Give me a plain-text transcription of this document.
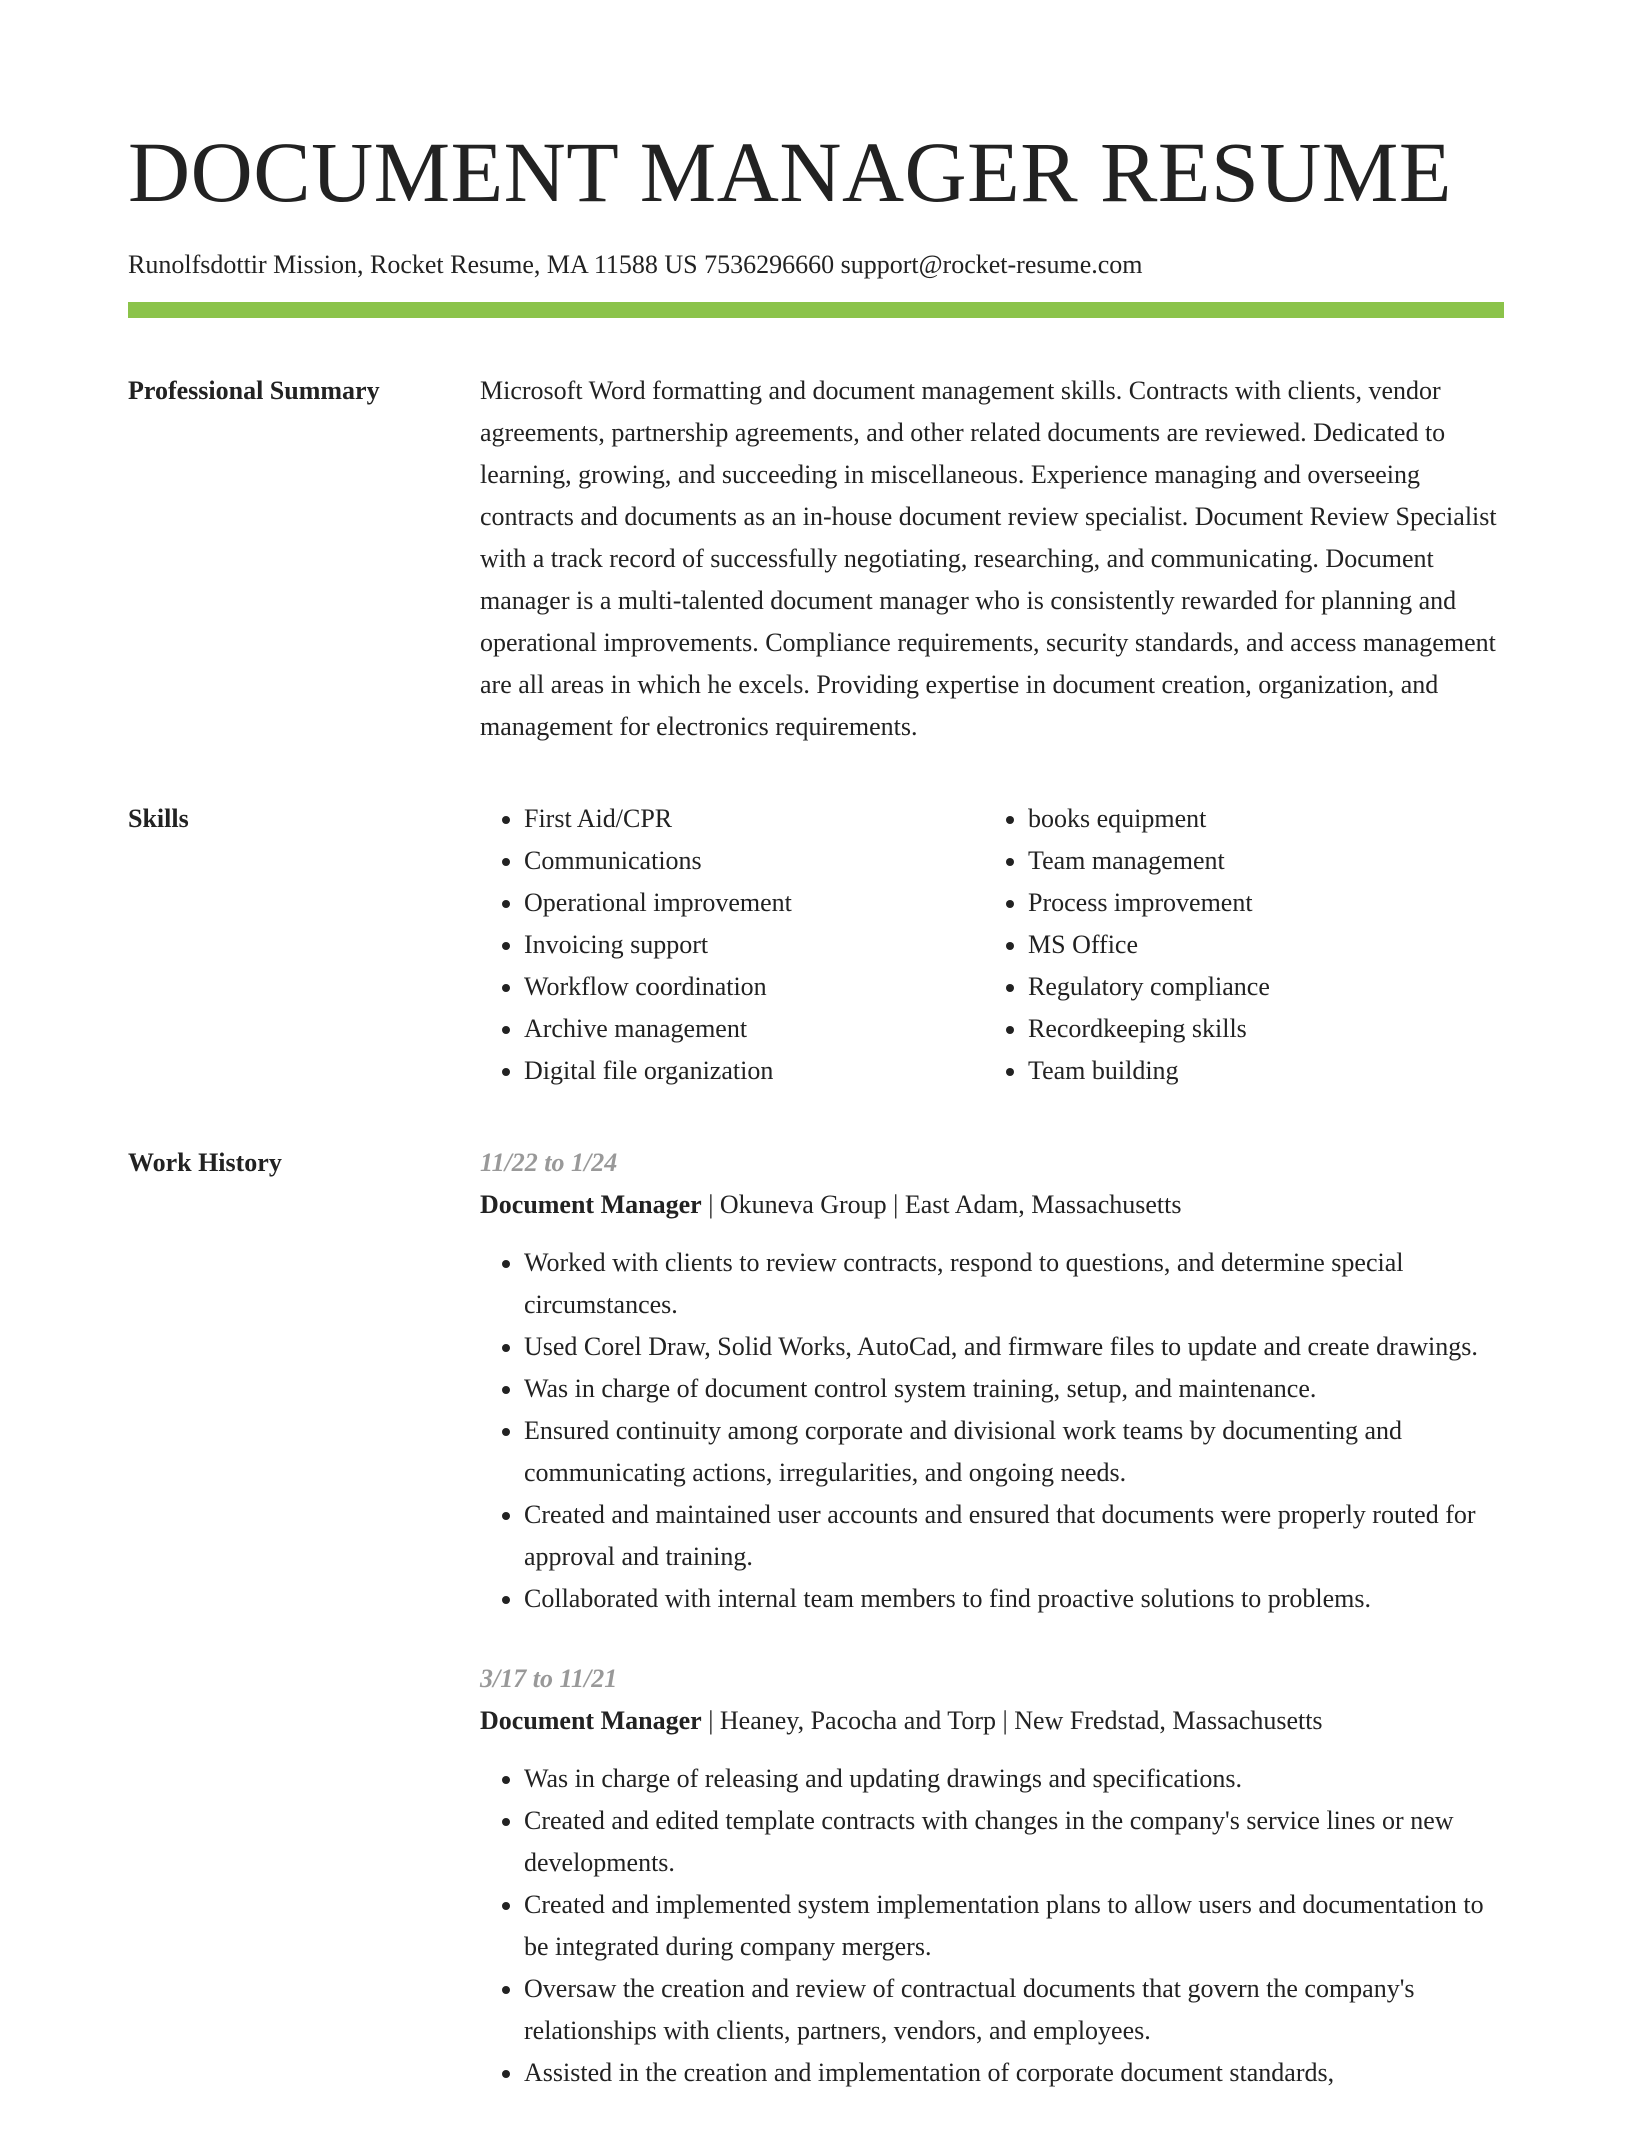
DOCUMENT MANAGER RESUME
Runolfsdottir Mission, Rocket Resume, MA 11588 US 7536296660 support@rocket-resume.com
Professional Summary	Microsoft Word formatting and document management skills. Contracts with clients, vendor agreements, partnership agreements, and other related documents are reviewed. Dedicated to learning, growing, and succeeding in miscellaneous. Experience managing and overseeing contracts and documents as an in-house document review specialist. Document Review Specialist with a track record of successfully negotiating, researching, and communicating. Document manager is a multi-talented document manager who is consistently rewarded for planning and operational improvements. Compliance requirements, security standards, and access management are all areas in which he excels. Providing expertise in document creation, organization, and management for electronics requirements.

Skills
•	First Aid/CPR
• Communications
• Operational improvement
• Invoicing support
• Workflow coordination
• Archive management
• Digital file organization
• books equipment
• Team management
• Process improvement
• MS Office
• Regulatory compliance
• Recordkeeping skills
• Team building
Work History	11/22 to 1/24
Document Manager | Okuneva Group | East Adam, Massachusetts
• Worked with clients to review contracts, respond to questions, and determine special circumstances.
• Used Corel Draw, Solid Works, AutoCad, and firmware files to update and create drawings.
• Was in charge of document control system training, setup, and maintenance.
• Ensured continuity among corporate and divisional work teams by documenting and communicating actions, irregularities, and ongoing needs.
• Created and maintained user accounts and ensured that documents were properly routed for approval and training.
• Collaborated with internal team members to find proactive solutions to problems.
3/17 to 11/21
Document Manager | Heaney, Pacocha and Torp | New Fredstad, Massachusetts
• Was in charge of releasing and updating drawings and specifications.
• Created and edited template contracts with changes in the company's service lines or new developments.
• Created and implemented system implementation plans to allow users and documentation to be integrated during company mergers.
• Oversaw the creation and review of contractual documents that govern the company's relationships with clients, partners, vendors, and employees.
• Assisted in the creation and implementation of corporate document standards,
